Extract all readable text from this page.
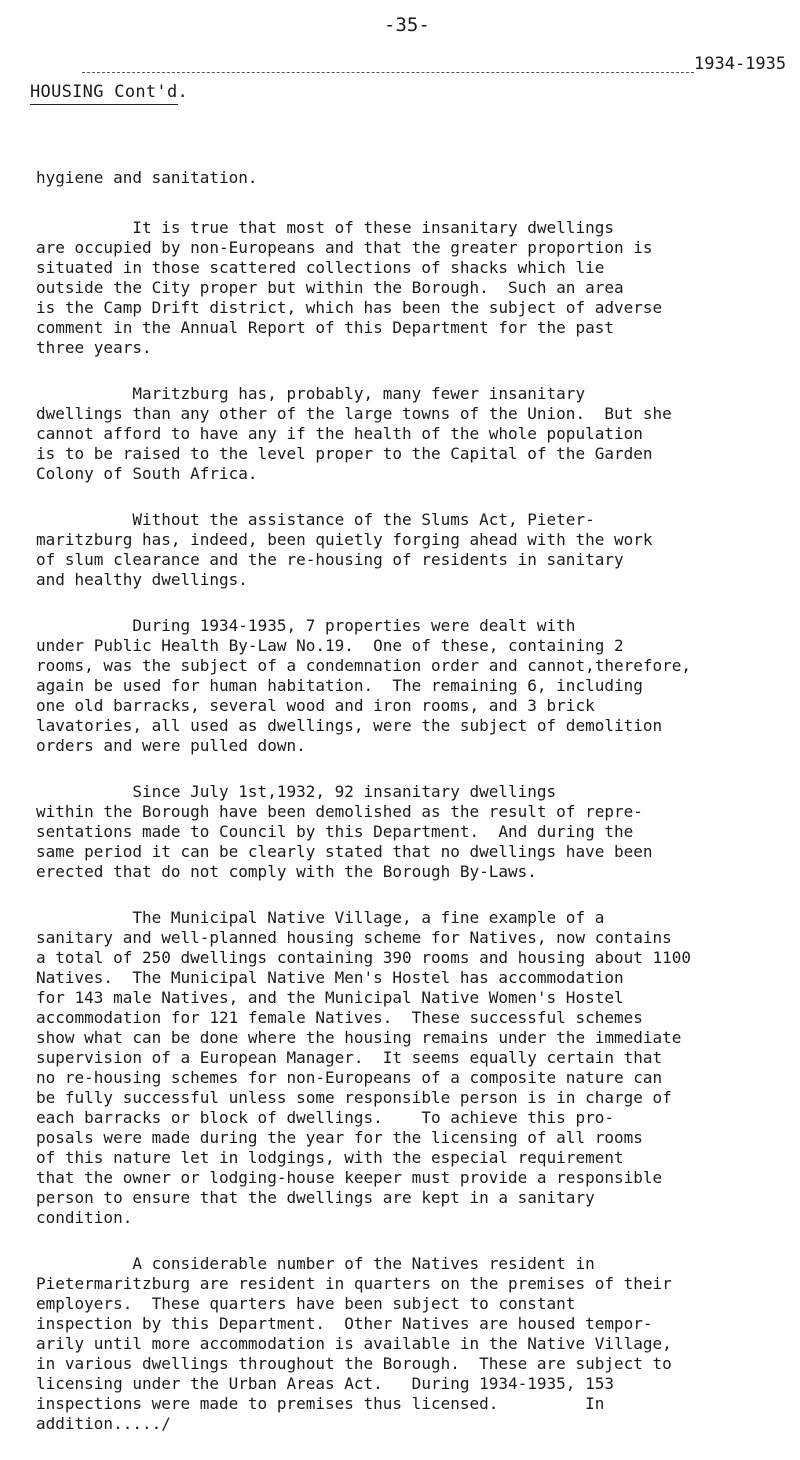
-35-
1934-1935
HOUSING Cont'd.
hygiene and sanitation.
It is true that most of these insanitary dwellings
are occupied by non-Europeans and that the greater proportion is
situated in those scattered collections of shacks which lie
outside the City proper but within the Borough.  Such an area
is the Camp Drift district, which has been the subject of adverse
comment in the Annual Report of this Department for the past
three years.
Maritzburg has, probably, many fewer insanitary
dwellings than any other of the large towns of the Union.  But she
cannot afford to have any if the health of the whole population
is to be raised to the level proper to the Capital of the Garden
Colony of South Africa.
Without the assistance of the Slums Act, Pieter-
maritzburg has, indeed, been quietly forging ahead with the work
of slum clearance and the re-housing of residents in sanitary
and healthy dwellings.
During 1934-1935, 7 properties were dealt with
under Public Health By-Law No.19.  One of these, containing 2
rooms, was the subject of a condemnation order and cannot,therefore,
again be used for human habitation.  The remaining 6, including
one old barracks, several wood and iron rooms, and 3 brick
lavatories, all used as dwellings, were the subject of demolition
orders and were pulled down.
Since July 1st,1932, 92 insanitary dwellings
within the Borough have been demolished as the result of repre-
sentations made to Council by this Department.  And during the
same period it can be clearly stated that no dwellings have been
erected that do not comply with the Borough By-Laws.
The Municipal Native Village, a fine example of a
sanitary and well-planned housing scheme for Natives, now contains
a total of 250 dwellings containing 390 rooms and housing about 1100
Natives.  The Municipal Native Men's Hostel has accommodation
for 143 male Natives, and the Municipal Native Women's Hostel
accommodation for 121 female Natives.  These successful schemes
show what can be done where the housing remains under the immediate
supervision of a European Manager.  It seems equally certain that
no re-housing schemes for non-Europeans of a composite nature can
be fully successful unless some responsible person is in charge of
each barracks or block of dwellings.    To achieve this pro-
posals were made during the year for the licensing of all rooms
of this nature let in lodgings, with the especial requirement
that the owner or lodging-house keeper must provide a responsible
person to ensure that the dwellings are kept in a sanitary
condition.
A considerable number of the Natives resident in
Pietermaritzburg are resident in quarters on the premises of their
employers.  These quarters have been subject to constant
inspection by this Department.  Other Natives are housed tempor-
arily until more accommodation is available in the Native Village,
in various dwellings throughout the Borough.  These are subject to
licensing under the Urban Areas Act.   During 1934-1935, 153
inspections were made to premises thus licensed.         In
addition...../
